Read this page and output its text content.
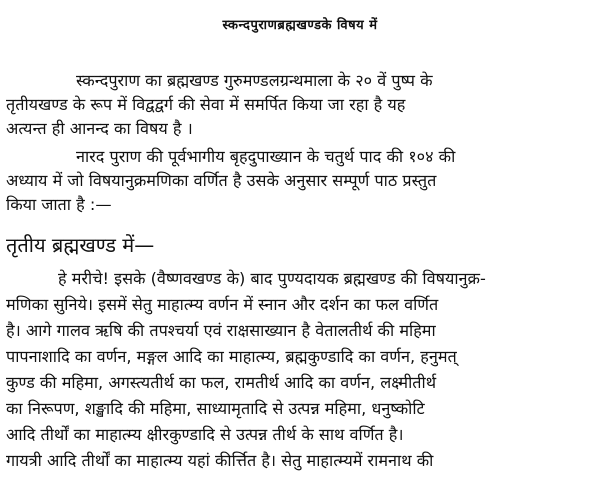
स्कन्दपुराणब्रह्मखण्डके विषय में
स्कन्दपुराण का ब्रह्मखण्ड गुरुमण्डलग्रन्थमाला के २० वें पुष्प के
तृतीयखण्ड के रूप में विद्वद्वर्ग की सेवा में समर्पित किया जा रहा है यह
अत्यन्त ही आनन्द का विषय है ।
नारद पुराण की पूर्वभागीय बृहदुपाख्यान के चतुर्थ पाद की १०४ की
अध्याय में जो विषयानुक्रमणिका वर्णित है उसके अनुसार सम्पूर्ण पाठ प्रस्तुत
किया जाता है :—
तृतीय ब्रह्मखण्ड में—
हे मरीचे! इसके (वैष्णवखण्ड के) बाद पुण्यदायक ब्रह्मखण्ड की विषयानुक्र-
मणिका सुनिये। इसमें सेतु माहात्म्य वर्णन में स्नान और दर्शन का फल वर्णित
है। आगे गालव ऋषि की तपश्चर्या एवं राक्षसाख्यान है वेतालतीर्थ की महिमा
पापनाशादि का वर्णन, मङ्गल आदि का माहात्म्य, ब्रह्मकुण्डादि का वर्णन, हनुमत्
कुण्ड की महिमा, अगस्त्यतीर्थ का फल, रामतीर्थ आदि का वर्णन, लक्ष्मीतीर्थ
का निरूपण, शङ्खादि की महिमा, साध्यामृतादि से उत्पन्न महिमा, धनुष्कोटि
आदि तीर्थों का माहात्म्य क्षीरकुण्डादि से उत्पन्न तीर्थ के साथ वर्णित है।
गायत्री आदि तीर्थों का माहात्म्य यहां कीर्त्तित है। सेतु माहात्म्यमें रामनाथ की
